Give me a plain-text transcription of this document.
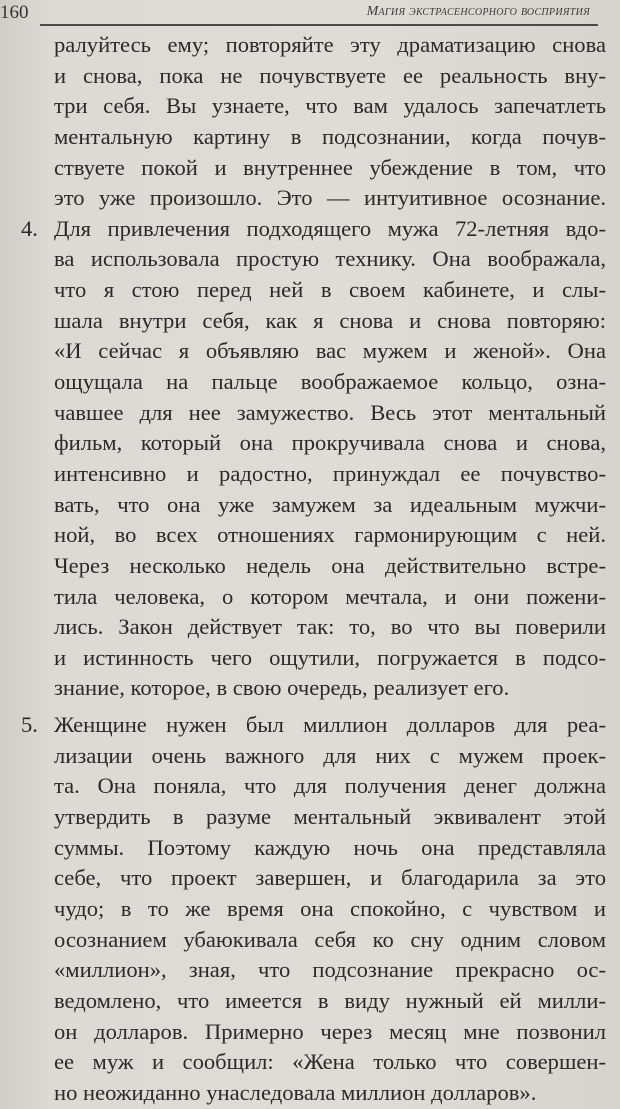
160	Магия экстрасенсорного восприятия
ралуйтесь ему; повторяйте эту драматизацию снова
и снова, пока не почувствуете ее реальность вну-
три себя. Вы узнаете, что вам удалось запечатлеть
ментальную картину в подсознании, когда почув-
ствуете покой и внутреннее убеждение в том, что
это уже произошло. Это — интуитивное осознание.
4. Для привлечения подходящего мужа 72-летняя вдо-
ва использовала простую технику. Она воображала,
что я стою перед ней в своем кабинете, и слы-
шала внутри себя, как я снова и снова повторяю:
«И сейчас я объявляю вас мужем и женой». Она
ощущала на пальце воображаемое кольцо, озна-
чавшее для нее замужество. Весь этот ментальный
фильм, который она прокручивала снова и снова,
интенсивно и радостно, принуждал ее почувство-
вать, что она уже замужем за идеальным мужчи-
ной, во всех отношениях гармонирующим с ней.
Через несколько недель она действительно встре-
тила человека, о котором мечтала, и они пожени-
лись. Закон действует так: то, во что вы поверили
и истинность чего ощутили, погружается в подсо-
знание, которое, в свою очередь, реализует его.
5. Женщине нужен был миллион долларов для реа-
лизации очень важного для них с мужем проек-
та. Она поняла, что для получения денег должна
утвердить в разуме ментальный эквивалент этой
суммы. Поэтому каждую ночь она представляла
себе, что проект завершен, и благодарила за это
чудо; в то же время она спокойно, с чувством и
осознанием убаюкивала себя ко сну одним словом
«миллион», зная, что подсознание прекрасно ос-
ведомлено, что имеется в виду нужный ей милли-
он долларов. Примерно через месяц мне позвонил
ее муж и сообщил: «Жена только что совершен-
но неожиданно унаследовала миллион долларов».
